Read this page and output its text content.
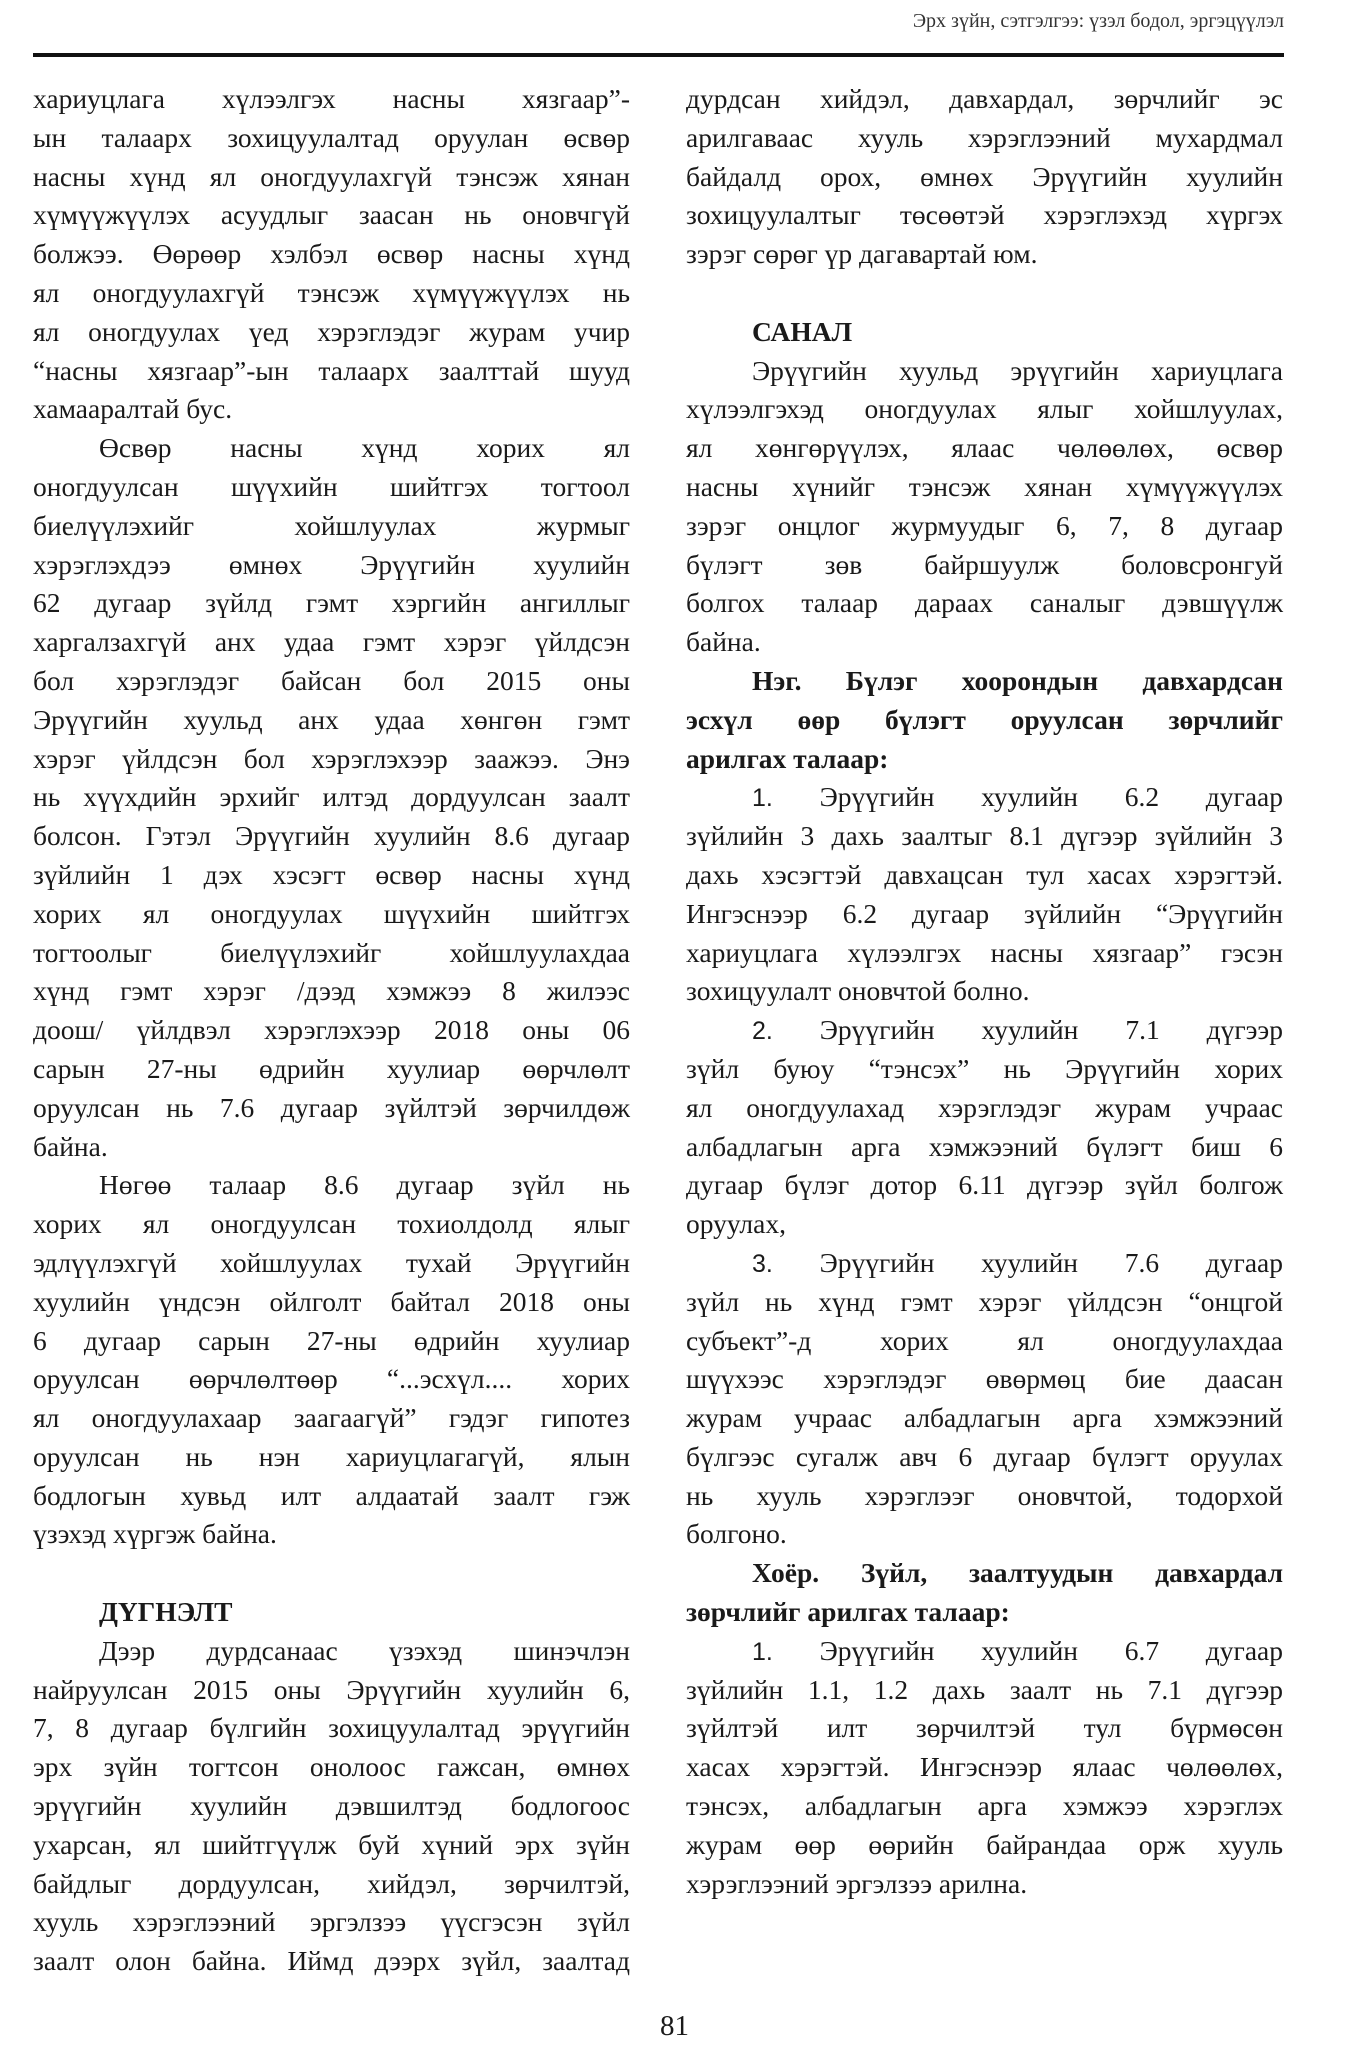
Эрх зүйн, сэтгэлгээ: үзэл бодол, эргэцүүлэл
хариуцлага хүлээлгэх насны хязгаар”-
ын талаарх зохицуулалтад оруулан өсвөр
насны хүнд ял оногдуулахгүй тэнсэж хянан
хүмүүжүүлэх асуудлыг заасан нь оновчгүй
болжээ. Өөрөөр хэлбэл өсвөр насны хүнд
ял оногдуулахгүй тэнсэж хүмүүжүүлэх нь
ял оногдуулах үед хэрэглэдэг журам учир
“насны хязгаар”-ын талаарх заалттай шууд
хамааралтай бус.
Өсвөр насны хүнд хорих ял
оногдуулсан шүүхийн шийтгэх тогтоол
биелүүлэхийг хойшлуулах журмыг
хэрэглэхдээ өмнөх Эрүүгийн хуулийн
62 дугаар зүйлд гэмт хэргийн ангиллыг
харгалзахгүй анх удаа гэмт хэрэг үйлдсэн
бол хэрэглэдэг байсан бол 2015 оны
Эрүүгийн хуульд анх удаа хөнгөн гэмт
хэрэг үйлдсэн бол хэрэглэхээр заажээ. Энэ
нь хүүхдийн эрхийг илтэд дордуулсан заалт
болсон. Гэтэл Эрүүгийн хуулийн 8.6 дугаар
зүйлийн 1 дэх хэсэгт өсвөр насны хүнд
хорих ял оногдуулах шүүхийн шийтгэх
тогтоолыг биелүүлэхийг хойшлуулахдаа
хүнд гэмт хэрэг /дээд хэмжээ 8 жилээс
доош/ үйлдвэл хэрэглэхээр 2018 оны 06
сарын 27-ны өдрийн хуулиар өөрчлөлт
оруулсан нь 7.6 дугаар зүйлтэй зөрчилдөж
байна.
Нөгөө талаар 8.6 дугаар зүйл нь
хорих ял оногдуулсан тохиолдолд ялыг
эдлүүлэхгүй хойшлуулах тухай Эрүүгийн
хуулийн үндсэн ойлголт байтал 2018 оны
6 дугаар сарын 27-ны өдрийн хуулиар
оруулсан өөрчлөлтөөр “...эсхүл.... хорих
ял оногдуулахаар заагаагүй” гэдэг гипотез
оруулсан нь нэн хариуцлагагүй, ялын
бодлогын хувьд илт алдаатай заалт гэж
үзэхэд хүргэж байна.
ДҮГНЭЛТ
Дээр дурдсанаас үзэхэд шинэчлэн
найруулсан 2015 оны Эрүүгийн хуулийн 6,
7, 8 дугаар бүлгийн зохицуулалтад эрүүгийн
эрх зүйн тогтсон онолоос гажсан, өмнөх
эрүүгийн хуулийн дэвшилтэд бодлогоос
ухарсан, ял шийтгүүлж буй хүний эрх зүйн
байдлыг дордуулсан, хийдэл, зөрчилтэй,
хууль хэрэглээний эргэлзээ үүсгэсэн зүйл
заалт олон байна. Иймд дээрх зүйл, заалтад
дурдсан хийдэл, давхардал, зөрчлийг эс
арилгаваас хууль хэрэглээний мухардмал
байдалд орох, өмнөх Эрүүгийн хуулийн
зохицуулалтыг төсөөтэй хэрэглэхэд хүргэх
зэрэг сөрөг үр дагавартай юм.
САНАЛ
Эрүүгийн хуульд эрүүгийн хариуцлага
хүлээлгэхэд оногдуулах ялыг хойшлуулах,
ял хөнгөрүүлэх, ялаас чөлөөлөх, өсвөр
насны хүнийг тэнсэж хянан хүмүүжүүлэх
зэрэг онцлог журмуудыг 6, 7, 8 дугаар
бүлэгт зөв байршуулж боловсронгуй
болгох талаар дараах саналыг дэвшүүлж
байна.
Нэг. Бүлэг хоорондын давхардсан
эсхүл өөр бүлэгт оруулсан зөрчлийг
арилгах талаар:
1. Эрүүгийн хуулийн 6.2 дугаар
зүйлийн 3 дахь заалтыг 8.1 дүгээр зүйлийн 3
дахь хэсэгтэй давхацсан тул хасах хэрэгтэй.
Ингэснээр 6.2 дугаар зүйлийн “Эрүүгийн
хариуцлага хүлээлгэх насны хязгаар” гэсэн
зохицуулалт оновчтой болно.
2. Эрүүгийн хуулийн 7.1 дүгээр
зүйл буюу “тэнсэх” нь Эрүүгийн хорих
ял оногдуулахад хэрэглэдэг журам учраас
албадлагын арга хэмжээний бүлэгт биш 6
дугаар бүлэг дотор 6.11 дүгээр зүйл болгож
оруулах,
3. Эрүүгийн хуулийн 7.6 дугаар
зүйл нь хүнд гэмт хэрэг үйлдсэн “онцгой
субъект”-д хорих ял оногдуулахдаа
шүүхээс хэрэглэдэг өвөрмөц бие даасан
журам учраас албадлагын арга хэмжээний
бүлгээс сугалж авч 6 дугаар бүлэгт оруулах
нь хууль хэрэглээг оновчтой, тодорхой
болгоно.
Хоёр. Зүйл, заалтуудын давхардал
зөрчлийг арилгах талаар:
1. Эрүүгийн хуулийн 6.7 дугаар
зүйлийн 1.1, 1.2 дахь заалт нь 7.1 дүгээр
зүйлтэй илт зөрчилтэй тул бүрмөсөн
хасах хэрэгтэй. Ингэснээр ялаас чөлөөлөх,
тэнсэх, албадлагын арга хэмжээ хэрэглэх
журам өөр өөрийн байрандаа орж хууль
хэрэглээний эргэлзээ арилна.
81
